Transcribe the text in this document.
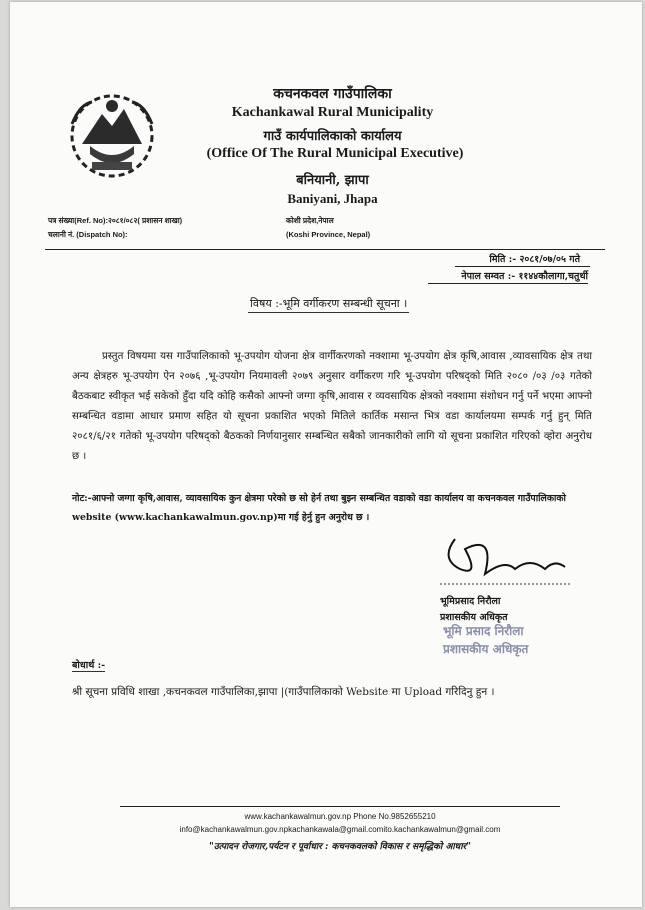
कचनकवल गाउँपालिका
Kachankawal Rural Municipality
गाउँ कार्यपालिकाको कार्यालय
(Office Of The Rural Municipal Executive)
बनियानी, झापा
Baniyani, Jhapa
पत्र संख्या(Ref. No):२०८१/०८२( प्रशासन शाखा)
चलानी नं. (Dispatch No):
कोशी प्रदेश,नेपाल
(Koshi Province, Nepal)
मिति :- २०८१/०७/०५ गते
नेपाल सम्वत :- ११४४कौलागा,चतुर्थी
विषय :-भूमि वर्गीकरण सम्बन्धी सूचना ।
प्रस्तुत विषयमा यस गाउँपालिकाको भू-उपयोग योजना क्षेत्र वार्गीकरणको नक्शामा भू-उपयोग क्षेत्र कृषि,आवास ,व्यावसायिक क्षेत्र तथा अन्य क्षेत्रहरु भू-उपयोग ऐन २०७६ ,भू-उपयोग नियमावली २०७९ अनुसार वर्गीकरण गरि भू-उपयोग परिषद्को मिति २०८० /०३ /०३ गतेको बैठकबाट स्वीकृत भई सकेको हुँदा यदि कोहि कसैको आफ्नो जग्गा कृषि,आवास र व्यवसायिक क्षेत्रको नक्शामा संशोधन गर्नु पर्ने भएमा आफ्नो सम्बन्धित वडामा आधार प्रमाण सहित यो सूचना प्रकाशित भएको मितिले कार्तिक मसान्त भित्र वडा कार्यालयमा सम्पर्क गर्नु हुन् मिति २०८१/६/२१ गतेको भू-उपयोग परिषद्को बैठकको निर्णयानुसार सम्बन्धित सबैको जानकारीको लागि यो सूचना प्रकाशित गरिएको व्होरा अनुरोध छ ।
नोट:-आफ्नो जग्गा कृषि,आवास, व्यावसायिक कुन क्षेत्रमा परेको छ सो हेर्न तथा बुझ्न सम्बन्धित वडाको वडा कार्यालय वा कचनकवल गाउँपालिकाको website (www.kachankawalmun.gov.np)मा गई हेर्नु हुन अनुरोध छ ।
भूमिप्रसाद निरौला
प्रशासकीय अधिकृत
भूमि प्रसाद निरौला
प्रशासकीय अधिकृत
बोधार्थ :-
श्री सूचना प्रविधि शाखा ,कचनकवल गाउँपालिका,झापा |(गाउँपालिकाको Website मा Upload गरिदिनु हुन ।
www.kachankawalmun.gov.np Phone No.9852655210
info@kachankawalmun.gov.npkachankawala@gmail.comito.kachankawalmun@gmail.com
"उत्पादन रोजगार,पर्यटन र पूर्वाधार : कचनकवलको विकास र समृद्धिको आधार"
